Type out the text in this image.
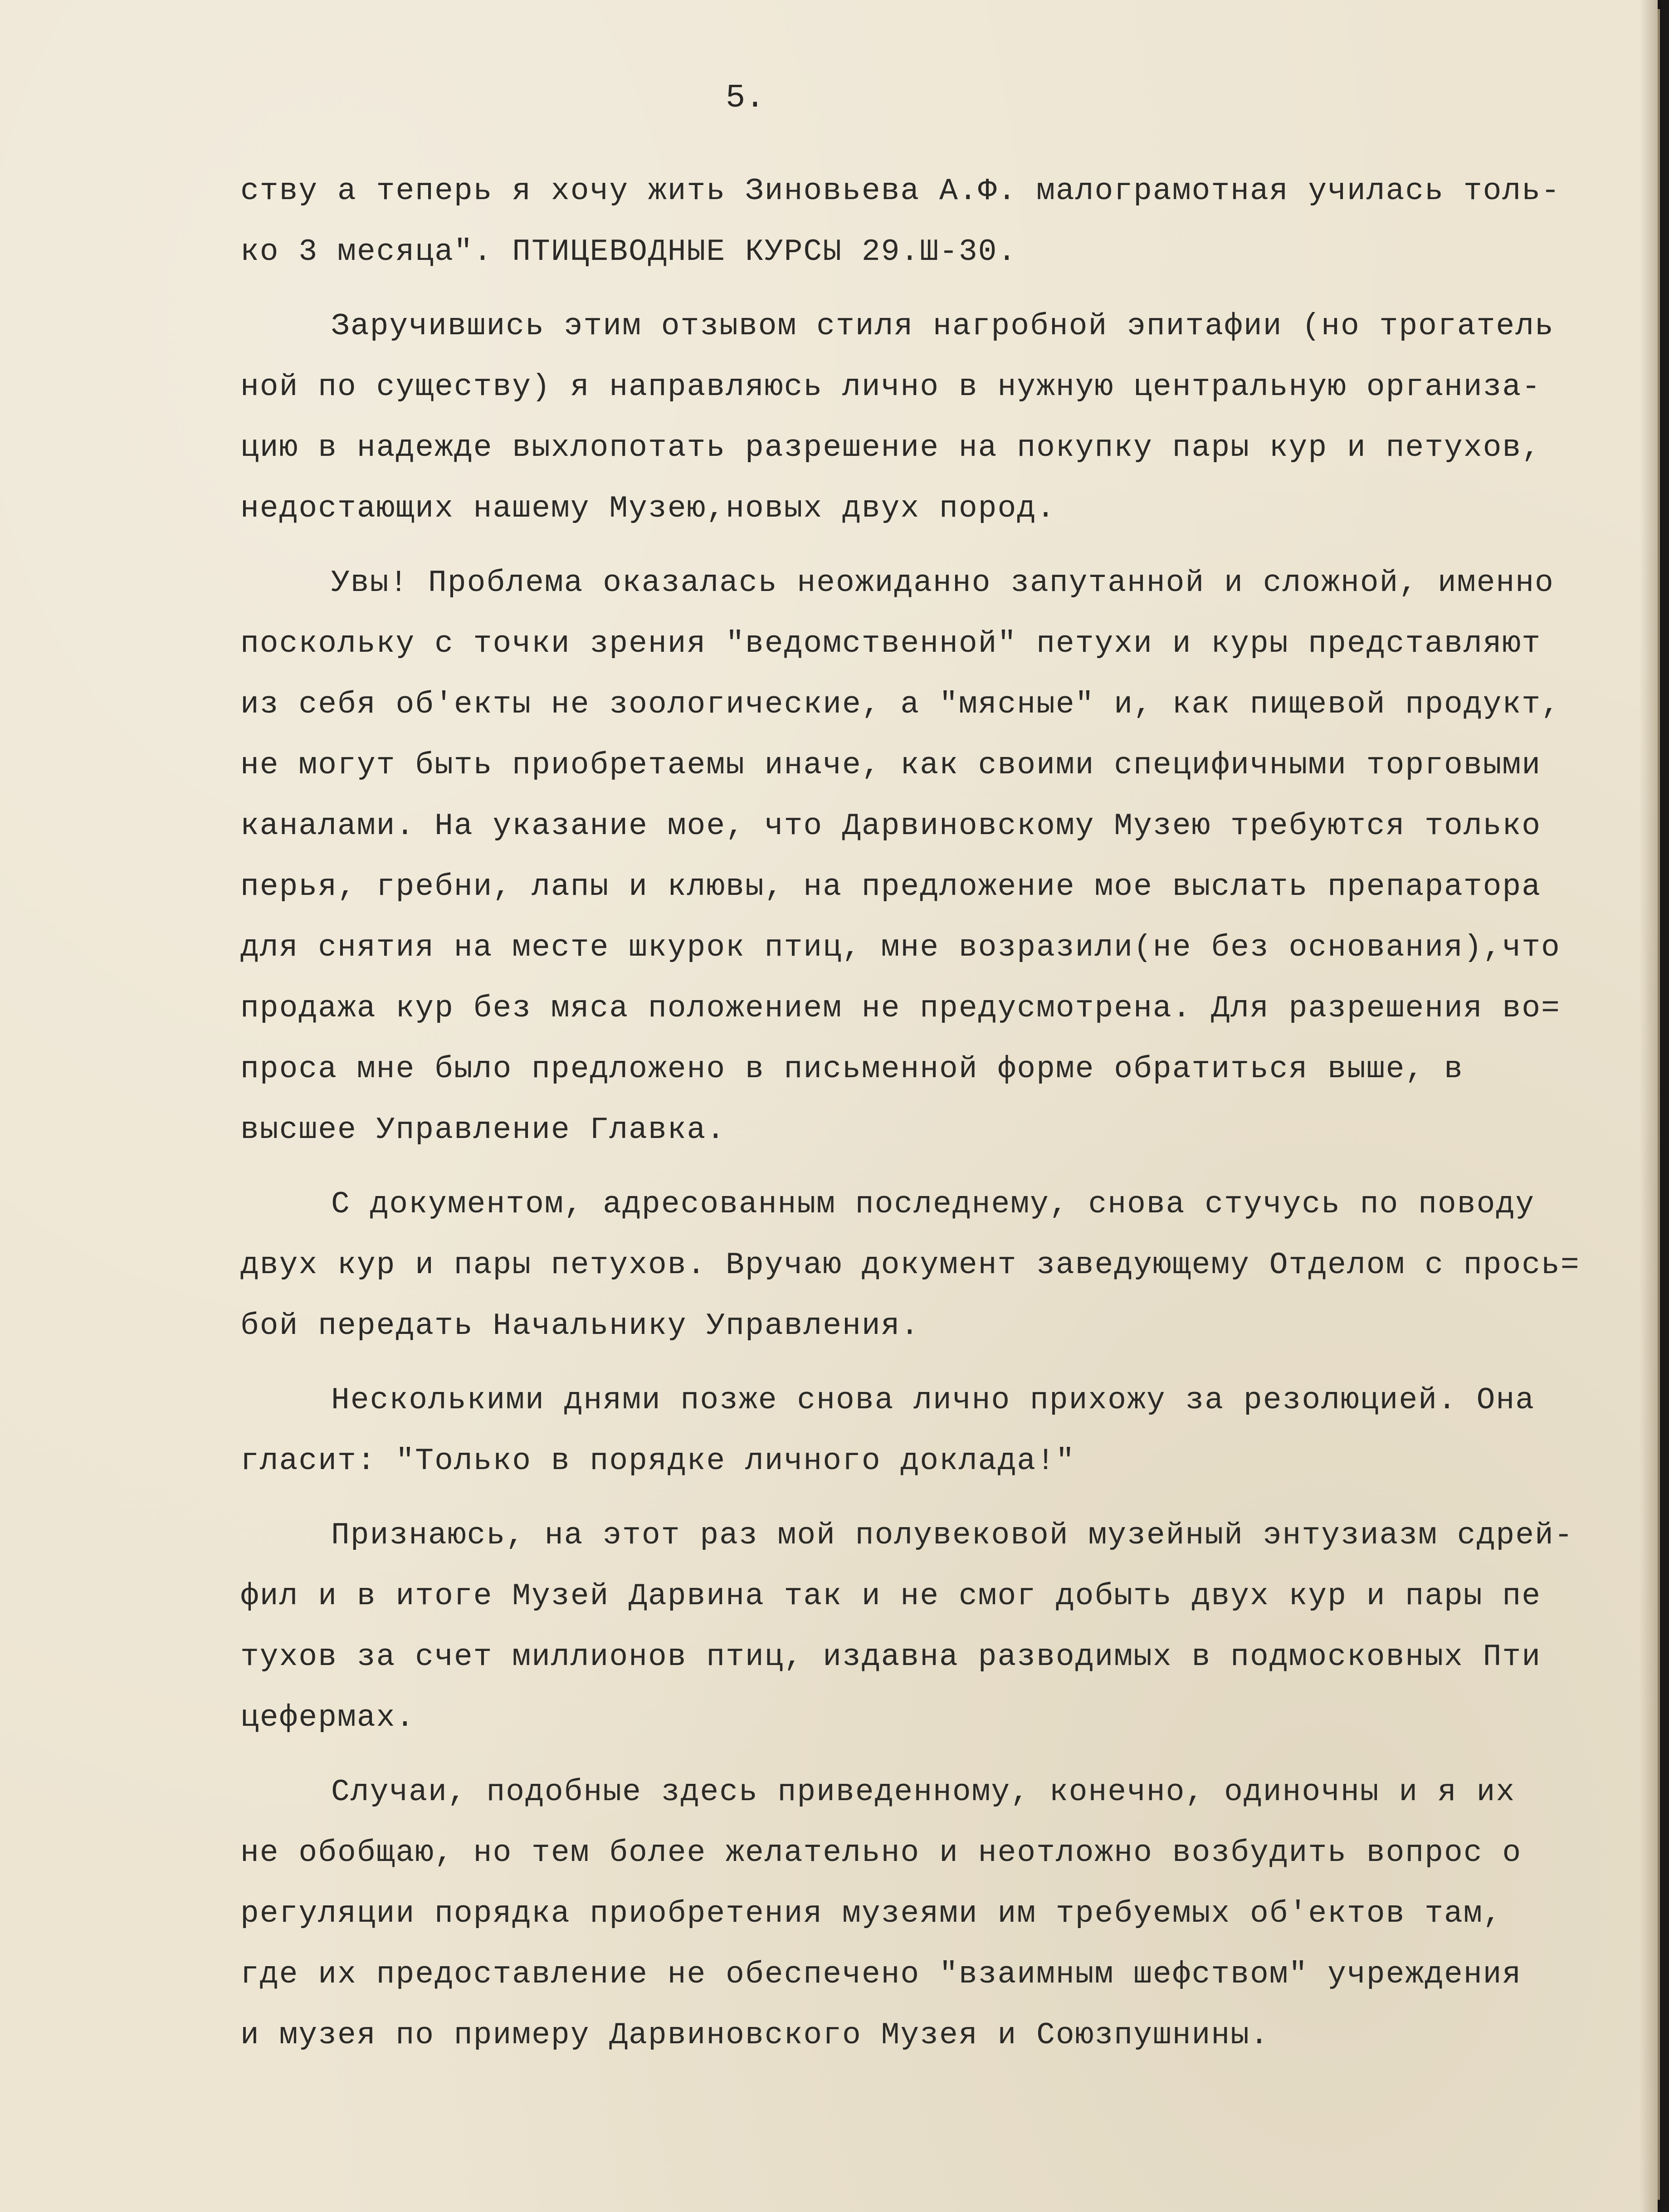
5.
ству а теперь я хочу жить Зиновьева А.Ф. малограмотная училась толь-
ко 3 месяца". ПТИЦЕВОДНЫЕ КУРСЫ 29.Ш-30.
Заручившись этим отзывом стиля нагробной эпитафии (но трогатель
ной по существу) я направляюсь лично в нужную центральную организа-
цию в надежде выхлопотать разрешение на покупку пары кур и петухов,
недостающих нашему Музею,новых двух пород.
Увы! Проблема оказалась неожиданно запутанной и сложной, именно
поскольку с точки зрения "ведомственной" петухи и куры представляют
из себя об'екты не зоологические, а "мясные" и, как пищевой продукт,
не могут быть приобретаемы иначе, как своими специфичными торговыми
каналами. На указание мое, что Дарвиновскому Музею требуются только
перья, гребни, лапы и клювы, на предложение мое выслать препаратора
для снятия на месте шкурок птиц, мне возразили(не без основания),что
продажа кур без мяса положением не предусмотрена. Для разрешения во=
проса мне было предложено в письменной форме обратиться выше, в
высшее Управление Главка.
С документом, адресованным последнему, снова стучусь по поводу
двух кур и пары петухов. Вручаю документ заведующему Отделом с прось=
бой передать Начальнику Управления.
Несколькими днями позже снова лично прихожу за резолюцией. Она
гласит: "Только в порядке личного доклада!"
Признаюсь, на этот раз мой полувековой музейный энтузиазм сдрей-
фил и в итоге Музей Дарвина так и не смог добыть двух кур и пары пе
тухов за счет миллионов птиц, издавна разводимых в подмосковных Пти
цефермах.
Случаи, подобные здесь приведенному, конечно, одиночны и я их
не обобщаю, но тем более желательно и неотложно возбудить вопрос о
регуляции порядка приобретения музеями им требуемых об'ектов там,
где их предоставление не обеспечено "взаимным шефством" учреждения
и музея по примеру Дарвиновского Музея и Союзпушнины.
